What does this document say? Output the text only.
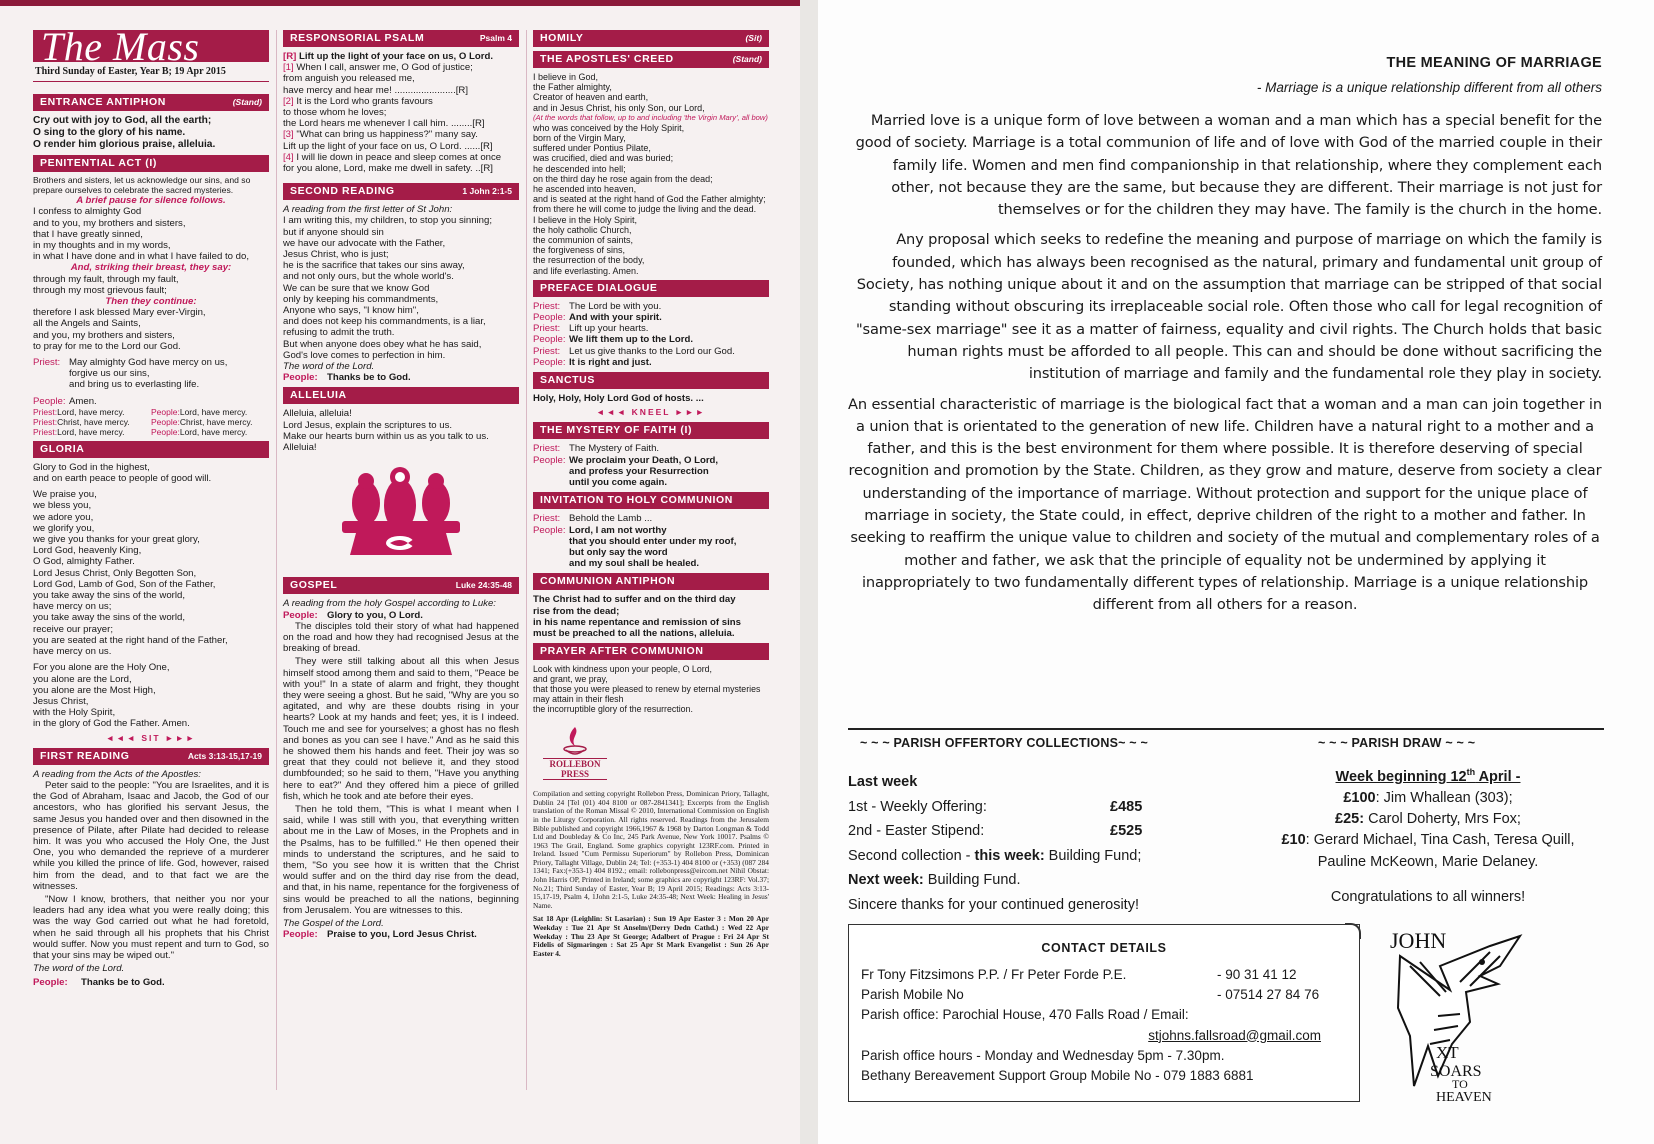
The Mass
Third Sunday of Easter, Year B; 19 Apr 2015
ENTRANCE ANTIPHON	(Stand)
Cry out with joy to God, all the earth;
O sing to the glory of his name.
O render him glorious praise, alleluia.
PENITENTIAL ACT (I)
Brothers and sisters, let us acknowledge our sins, and so prepare ourselves to celebrate the sacred mysteries.
A brief pause for silence follows.
I confess to almighty God
and to you, my brothers and sisters,
that I have greatly sinned,
in my thoughts and in my words,
in what I have done and in what I have failed to do,
And, striking their breast, they say:
through my fault, through my fault,
through my most grievous fault;
Then they continue:
therefore I ask blessed Mary ever-Virgin,
all the Angels and Saints,
and you, my brothers and sisters,
to pray for me to the Lord our God.
Priest: May almighty God have mercy on us,
forgive us our sins,
and bring us to everlasting life.
People: Amen.
Priest:Lord, have mercy.	People:Lord, have mercy.
Priest:Christ, have mercy.	People:Christ, have mercy.
Priest:Lord, have mercy.	People:Lord, have mercy.
GLORIA
Glory to God in the highest,
and on earth peace to people of good will.
We praise you,
we bless you,
we adore you,
we glorify you,
we give you thanks for your great glory,
Lord God, heavenly King,
O God, almighty Father.
Lord Jesus Christ, Only Begotten Son,
Lord God, Lamb of God, Son of the Father,
you take away the sins of the world,
have mercy on us;
you take away the sins of the world,
receive our prayer;
you are seated at the right hand of the Father,
have mercy on us.
For you alone are the Holy One,
you alone are the Lord,
you alone are the Most High,
Jesus Christ,
with the Holy Spirit,
in the glory of God the Father. Amen.
◄◄◄ SIT ►►►
FIRST READING	Acts 3:13-15,17-19
A reading from the Acts of the Apostles:
Peter said to the people: "You are Israelites, and it is the God of Abraham, Isaac and Jacob, the God of our ancestors, who has glorified his servant Jesus, the same Jesus you handed over and then disowned in the presence of Pilate, after Pilate had decided to release him. It was you who accused the Holy One, the Just One, you who demanded the reprieve of a murderer while you killed the prince of life. God, however, raised him from the dead, and to that fact we are the witnesses.
"Now I know, brothers, that neither you nor your leaders had any idea what you were really doing; this was the way God carried out what he had foretold, when he said through all his prophets that his Christ would suffer. Now you must repent and turn to God, so that your sins may be wiped out."
The word of the Lord.
People:	Thanks be to God.
RESPONSORIAL PSALM	Psalm 4
[R] Lift up the light of your face on us, O Lord.
[1] When I call, answer me, O God of justice;
from anguish you released me,
have mercy and hear me! .......................[R]
[2] It is the Lord who grants favours
to those whom he loves;
the Lord hears me whenever I call him. ........[R]
[3] "What can bring us happiness?" many say.
Lift up the light of your face on us, O Lord. ......[R]
[4] I will lie down in peace and sleep comes at once
for you alone, Lord, make me dwell in safety. ..[R]
SECOND READING	1 John 2:1-5
A reading from the first letter of St John:
I am writing this, my children, to stop you sinning;
but if anyone should sin
we have our advocate with the Father,
Jesus Christ, who is just;
he is the sacrifice that takes our sins away,
and not only ours, but the whole world's.
We can be sure that we know God
only by keeping his commandments,
Anyone who says, "I know him",
and does not keep his commandments, is a liar,
refusing to admit the truth.
But when anyone does obey what he has said,
God's love comes to perfection in him.
The word of the Lord.
People: Thanks be to God.
ALLELUIA
Alleluia, alleluia!
Lord Jesus, explain the scriptures to us.
Make our hearts burn within us as you talk to us.
Alleluia!
GOSPEL	Luke 24:35-48
A reading from the holy Gospel according to Luke:
People: Glory to you, O Lord.
The disciples told their story of what had happened on the road and how they had recognised Jesus at the breaking of bread.
They were still talking about all this when Jesus himself stood among them and said to them, "Peace be with you!" In a state of alarm and fright, they thought they were seeing a ghost. But he said, "Why are you so agitated, and why are these doubts rising in your hearts? Look at my hands and feet; yes, it is I indeed. Touch me and see for yourselves; a ghost has no flesh and bones as you can see I have." And as he said this he showed them his hands and feet. Their joy was so great that they could not believe it, and they stood dumbfounded; so he said to them, "Have you anything here to eat?" And they offered him a piece of grilled fish, which he took and ate before their eyes.
Then he told them, "This is what I meant when I said, while I was still with you, that everything written about me in the Law of Moses, in the Prophets and in the Psalms, has to be fulfilled." He then opened their minds to understand the scriptures, and he said to them, "So you see how it is written that the Christ would suffer and on the third day rise from the dead, and that, in his name, repentance for the forgiveness of sins would be preached to all the nations, beginning from Jerusalem. You are witnesses to this.
The Gospel of the Lord.
People: Praise to you, Lord Jesus Christ.
HOMILY	(Sit)
THE APOSTLES' CREED	(Stand)
I believe in God,
the Father almighty,
Creator of heaven and earth,
and in Jesus Christ, his only Son, our Lord,
(At the words that follow, up to and including 'the Virgin Mary', all bow)
who was conceived by the Holy Spirit,
born of the Virgin Mary,
suffered under Pontius Pilate,
was crucified, died and was buried;
he descended into hell;
on the third day he rose again from the dead;
he ascended into heaven,
and is seated at the right hand of God the Father almighty;
from there he will come to judge the living and the dead.
I believe in the Holy Spirit,
the holy catholic Church,
the communion of saints,
the forgiveness of sins,
the resurrection of the body,
and life everlasting. Amen.
PREFACE DIALOGUE
Priest: The Lord be with you.
People: And with your spirit.
Priest: Lift up your hearts.
People: We lift them up to the Lord.
Priest: Let us give thanks to the Lord our God.
People: It is right and just.
SANCTUS
Holy, Holy, Holy Lord God of hosts. ...
◄◄◄ KNEEL ►►►
THE MYSTERY OF FAITH (I)
Priest: The Mystery of Faith.
People: We proclaim your Death, O Lord,
and profess your Resurrection
until you come again.
INVITATION TO HOLY COMMUNION
Priest: Behold the Lamb ...
People: Lord, I am not worthy
that you should enter under my roof,
but only say the word
and my soul shall be healed.
COMMUNION ANTIPHON
The Christ had to suffer and on the third day
rise from the dead;
in his name repentance and remission of sins
must be preached to all the nations, alleluia.
PRAYER AFTER COMMUNION
Look with kindness upon your people, O Lord,
and grant, we pray,
that those you were pleased to renew by eternal mysteries
may attain in their flesh
the incorruptible glory of the resurrection.
ROLLEBON PRESS
Compilation and setting copyright Rollebon Press, Dominican Priory, Tallaght, Dublin 24 [Tel (01) 404 8100 or 087-2841341]; Excerpts from the English translation of the Roman Missal © 2010, International Commission on English in the Liturgy Corporation. All rights reserved. Readings from the Jerusalem Bible published and copyright 1966,1967 & 1968 by Darton Longman & Todd Ltd and Doubleday & Co Inc, 245 Park Avenue, New York 10017. Psalms © 1963 The Grail, England. Some graphics copyright 123RF.com. Printed in Ireland. Issued "Cum Permissu Superiorum" by Rollebon Press, Dominican Priory, Tallaght Village, Dublin 24; Tel: (+353-1) 404 8100 or (+353) (087 284 1341; Fax:(+353-1) 404 8192.; email: rollebonpress@eircom.net Nihil Obstat: John Harris OP, Printed in Ireland; some graphics are copyright 123RF: Vol.37; No.21; Third Sunday of Easter, Year B; 19 April 2015; Readings: Acts 3:13-15,17-19, Psalm 4, 1John 2:1-5, Luke 24:35-48; Next Week: Healing in Jesus' Name.
Sat 18 Apr (Leighlin: St Lasarian) : Sun 19 Apr Easter 3 : Mon 20 Apr Weekday : Tue 21 Apr St Anselm/(Derry Dedn Cathd.) : Wed 22 Apr Weekday : Thu 23 Apr St George; Adalbert of Prague : Fri 24 Apr St Fidelis of Sigmaringen : Sat 25 Apr St Mark Evangelist : Sun 26 Apr Easter 4.
THE MEANING OF MARRIAGE
- Marriage is a unique relationship different from all others

Married love is a unique form of love between a woman and a man which has a special benefit for the good of society. Marriage is a total communion of life and of love with God of the married couple in their family life. Women and men find companionship in that relationship, where they complement each other, not because they are the same, but because they are different. Their marriage is not just for themselves or for the children they may have. The family is the church in the home.

Any proposal which seeks to redefine the meaning and purpose of marriage on which the family is founded, which has always been recognised as the natural, primary and fundamental unit group of Society, has nothing unique about it and on the assumption that marriage can be stripped of that social standing without obscuring its irreplaceable social role. Often those who call for legal recognition of "same-sex marriage" see it as a matter of fairness, equality and civil rights. The Church holds that basic human rights must be afforded to all people. This can and should be done without sacrificing the institution of marriage and family and the fundamental role they play in society.

An essential characteristic of marriage is the biological fact that a woman and a man can join together in a union that is orientated to the generation of new life. Children have a natural right to a mother and a father, and this is the best environment for them where possible. It is therefore deserving of special recognition and promotion by the State. Children, as they grow and mature, deserve from society a clear understanding of the importance of marriage. Without protection and support for the unique place of marriage in society, the State could, in effect, deprive children of the right to a mother and father. In seeking to reaffirm the unique value to children and society of the mutual and complementary roles of a mother and father, we ask that the principle of equality not be undermined by applying it inappropriately to two fundamentally different types of relationship. Marriage is a unique relationship different from all others for a reason.

~ ~ ~ PARISH OFFERTORY COLLECTIONS~ ~ ~	~ ~ ~ PARISH DRAW ~ ~ ~
Last week
1st - Weekly Offering:	£485
2nd - Easter Stipend:	£525
Second collection - this week: Building Fund;
Next week: Building Fund.
Sincere thanks for your continued generosity!
Week beginning 12th April -
£100: Jim Whallean (303);
£25: Carol Doherty, Mrs Fox;
£10: Gerard Michael, Tina Cash, Teresa Quill,
Pauline McKeown, Marie Delaney.
Congratulations to all winners!
CONTACT DETAILS
Fr Tony Fitzsimons P.P. / Fr Peter Forde P.E.	- 90 31 41 12
Parish Mobile No	- 07514 27 84 76
Parish office: Parochial House, 470 Falls Road / Email:
stjohns.fallsroad@gmail.com
Parish office hours - Monday and Wednesday 5pm - 7.30pm.
Bethany Bereavement Support Group Mobile No - 079 1883 6881
JOHN
XT
SOARS
TO
HEAVEN
